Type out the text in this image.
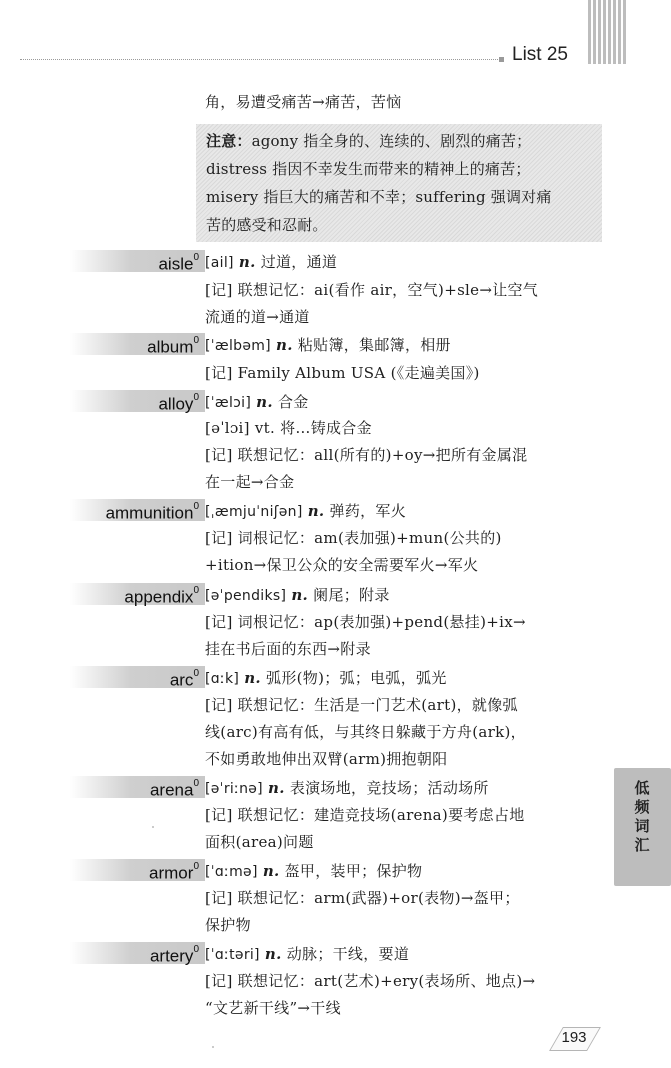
List 25
角，易遭受痛苦→痛苦，苦恼
注意：agony 指全身的、连续的、剧烈的痛苦；
distress 指因不幸发生而带来的精神上的痛苦；
misery 指巨大的痛苦和不幸；suffering 强调对痛
苦的感受和忍耐。
aisle$^0$ [ail] n. 过道，通道
[记] 联想记忆：ai(看作 air，空气)+sle→让空气
流通的道→通道
album$^0$ [ˈælbəm] n. 粘贴簿，集邮簿，相册
[记] Family Album USA (《走遍美国》)
alloy$^0$ [ˈælɔi] n. 合金
[əˈlɔi] vt. 将…铸成合金
[记] 联想记忆：all(所有的)+oy→把所有金属混
在一起→合金
ammunition$^0$ [ˌæmjuˈniʃən] n. 弹药，军火
[记] 词根记忆：am(表加强)+mun(公共的)
+ition→保卫公众的安全需要军火→军火
appendix$^0$ [əˈpendiks] n. 阑尾；附录
[记] 词根记忆：ap(表加强)+pend(悬挂)+ix→
挂在书后面的东西→附录
arc$^0$ [ɑːk] n. 弧形(物)；弧；电弧，弧光
[记] 联想记忆：生活是一门艺术(art)，就像弧
线(arc)有高有低，与其终日躲藏于方舟(ark)，
不如勇敢地伸出双臂(arm)拥抱朝阳
arena$^0$ [əˈriːnə] n. 表演场地，竞技场；活动场所
[记] 联想记忆：建造竞技场(arena)要考虑占地
面积(area)问题
armor$^0$ [ˈɑːmə] n. 盔甲，装甲；保护物
[记] 联想记忆：arm(武器)+or(表物)→盔甲；
保护物
artery$^0$ [ˈɑːtəri] n. 动脉；干线，要道
[记] 联想记忆：art(艺术)+ery(表场所、地点)→
“文艺新干线”→干线
低频词汇
193
